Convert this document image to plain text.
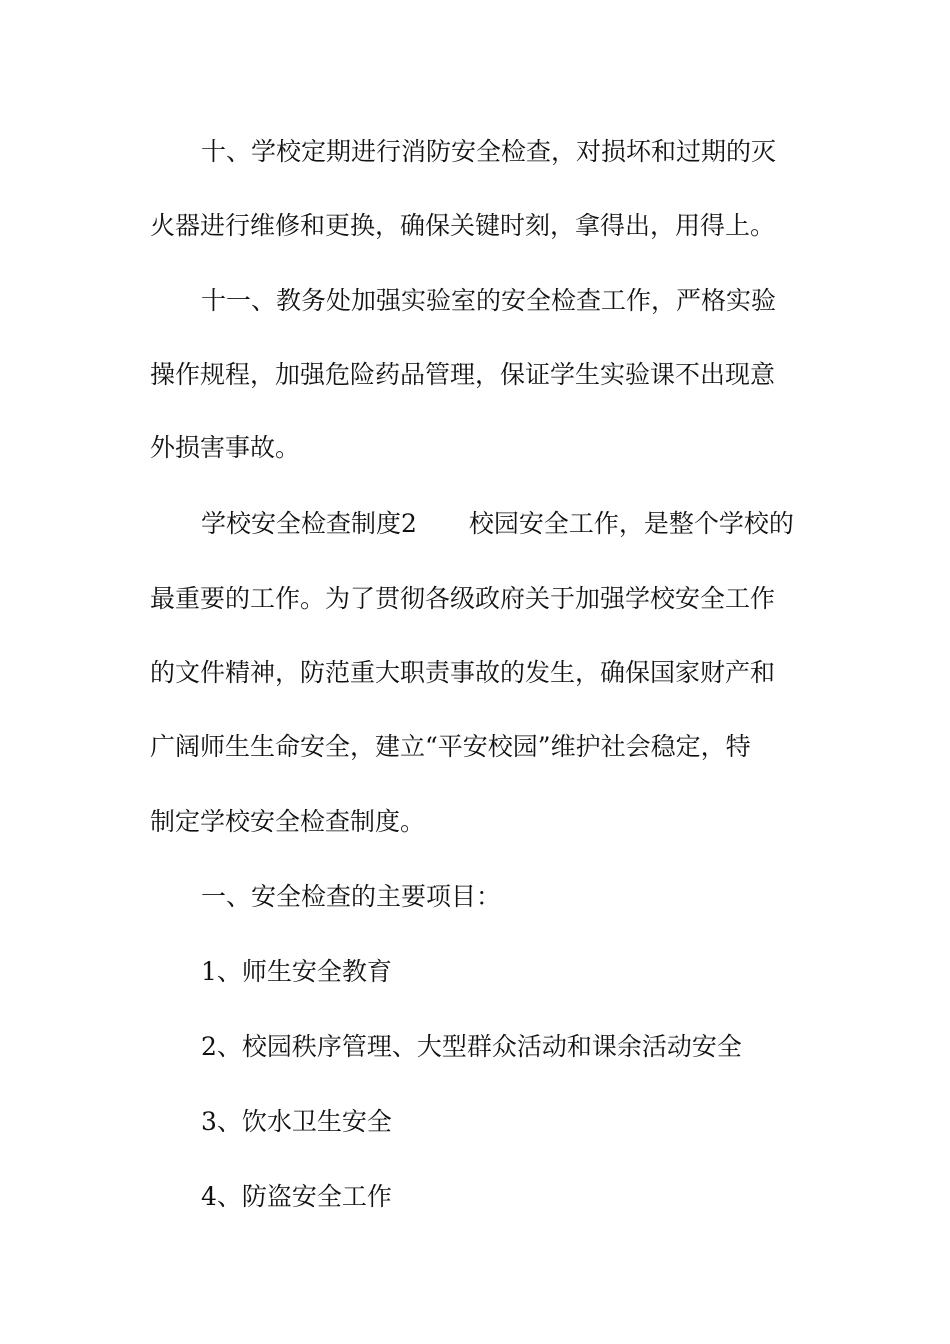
十、学校定期进行消防安全检查，对损坏和过期的灭
火器进行维修和更换，确保关键时刻，拿得出，用得上。
十一、教务处加强实验室的安全检查工作，严格实验
操作规程，加强危险药品管理，保证学生实验课不出现意
外损害事故。
学校安全检查制度2 校园安全工作，是整个学校的
最重要的工作。为了贯彻各级政府关于加强学校安全工作
的文件精神，防范重大职责事故的发生，确保国家财产和
广阔师生生命安全，建立“平安校园”维护社会稳定，特
制定学校安全检查制度。
一、安全检查的主要项目：
1、师生安全教育
2、校园秩序管理、大型群众活动和课余活动安全
3、饮水卫生安全
4、防盗安全工作
